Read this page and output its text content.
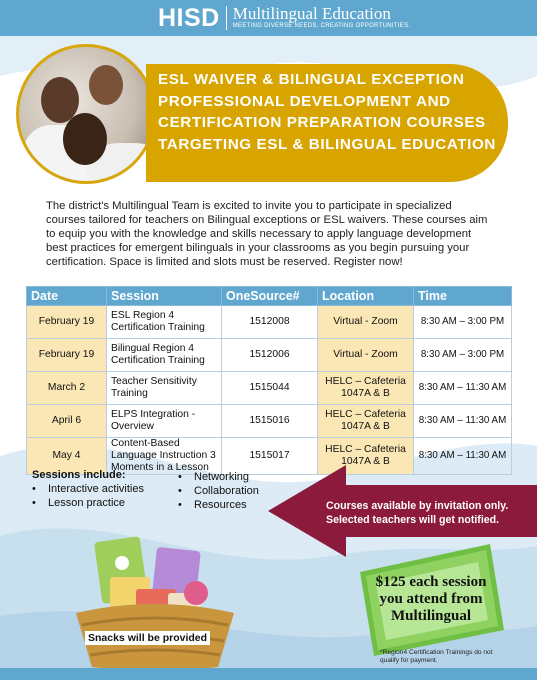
HISD Multilingual Education
MEETING DIVERSE NEEDS. CREATING OPPORTUNITIES.
ESL WAIVER & BILINGUAL EXCEPTION PROFESSIONAL DEVELOPMENT AND CERTIFICATION PREPARATION COURSES TARGETING ESL & BILINGUAL EDUCATION

The district's Multilingual Team is excited to invite you to participate in specialized courses tailored for teachers on Bilingual exceptions or ESL waivers. These courses aim to equip you with the knowledge and skills necessary to apply language development best practices for emergent bilinguals in your classrooms as you begin pursuing your certification. Space is limited and slots must be reserved. Register now!

Date	Session	OneSource#	Location	Time
February 19	ESL Region 4 Certification Training	1512008	Virtual - Zoom	8:30 AM – 3:00 PM
February 19	Bilingual Region 4 Certification Training	1512006	Virtual - Zoom	8:30 AM – 3:00 PM
March 2	Teacher Sensitivity Training	1515044	HELC – Cafeteria 1047A & B	8:30 AM – 11:30 AM
April 6	ELPS Integration - Overview	1515016	HELC – Cafeteria 1047A & B	8:30 AM – 11:30 AM
May 4	Content-Based Language Instruction 3 Moments in a Lesson	1515017	HELC – Cafeteria 1047A & B	8:30 AM – 11:30 AM
Sessions include:
• Interactive activities
• Lesson practice
• Networking
• Collaboration
• Resources	Courses available by invitation only. Selected teachers will get notified.
Snacks will be provided
$125 each session you attend from Multilingual
*Region4 Certification Trainings do not qualify for payment.
